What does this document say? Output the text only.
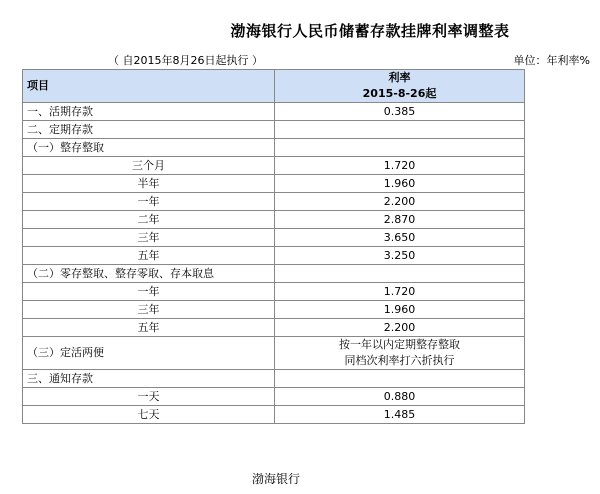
渤海银行人民币储蓄存款挂牌利率调整表
（ 自2015年8月26日起执行 ）	单位：年利率%
项目	利率
2015-8-26起

一、活期存款	0.385
二、定期存款	
（一）整存整取	
三个月	1.720
半年	1.960
一年	2.200
二年	2.870
三年	3.650
五年	3.250
（二）零存整取、整存零取、存本取息	
一年	1.720
三年	1.960
五年	2.200
（三）定活两便	按一年以内定期整存整取
同档次利率打六折执行

三、通知存款	
一天	0.880
七天	1.485
渤海银行
